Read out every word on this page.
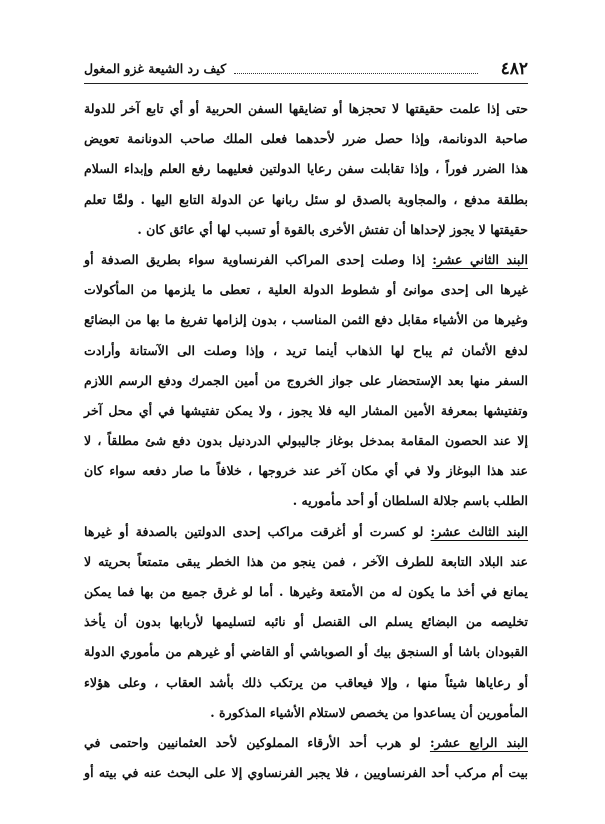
٤٨٢
كيف رد الشيعة غزو المغول
حتى إذا علمت حقيقتها لا تحجزها أو تضايقها السفن الحربية أو أي تابع آخر للدولة
صاحبة الدونانمة، وإذا حصل ضرر لأحدهما فعلى الملك صاحب الدونانمة تعويض
هذا الضرر فوراً ، وإذا تقابلت سفن رعايا الدولتين فعليهما رفع العلم وإبداء السلام
بطلقة مدفع ، والمجاوبة بالصدق لو سئل ربانها عن الدولة التابع اليها . ولمَّا تعلم
حقيقتها لا يجوز لإحداها أن تفتش الأخرى بالقوة أو تسبب لها أي عائق كان .
البند الثاني عشر: إذا وصلت إحدى المراكب الفرنساوية سواء بطريق الصدفة أو
غيرها الى إحدى موانئ أو شطوط الدولة العلية ، تعطى ما يلزمها من المأكولات
وغيرها من الأشياء مقابل دفع الثمن المناسب ، بدون إلزامها تفريغ ما بها من البضائع
لدفع الأثمان ثم يباح لها الذهاب أينما تريد ، وإذا وصلت الى الآستانة وأرادت
السفر منها بعد الإستحضار على جواز الخروج من أمين الجمرك ودفع الرسم اللازم
وتفتيشها بمعرفة الأمين المشار اليه فلا يجوز ، ولا يمكن تفتيشها في أي محل آخر
إلا عند الحصون المقامة بمدخل بوغاز جاليبولي الدردنيل بدون دفع شئ مطلقاً ، لا
عند هذا البوغاز ولا في أي مكان آخر عند خروجها ، خلافاً ما صار دفعه سواء كان
الطلب باسم جلالة السلطان أو أحد مأموريه .
البند الثالث عشر: لو كسرت أو أغرقت مراكب إحدى الدولتين بالصدفة أو غيرها
عند البلاد التابعة للطرف الآخر ، فمن ينجو من هذا الخطر يبقى متمتعاً بحريته لا
يمانع في أخذ ما يكون له من الأمتعة وغيرها . أما لو غرق جميع من بها فما يمكن
تخليصه من البضائع يسلم الى القنصل أو نائبه لتسليمها لأربابها بدون أن يأخذ
القبودان باشا أو السنجق بيك أو الصوباشي أو القاضي أو غيرهم من مأموري الدولة
أو رعاياها شيئاً منها ، وإلا فيعاقب من يرتكب ذلك بأشد العقاب ، وعلى هؤلاء
المأمورين أن يساعدوا من يخصص لاستلام الأشياء المذكورة .
البند الرابع عشر: لو هرب أحد الأرقاء المملوكين لأحد العثمانيين واحتمى في
بيت أم مركب أحد الفرنساويين ، فلا يجبر الفرنساوي إلا على البحث عنه في بيته أو
